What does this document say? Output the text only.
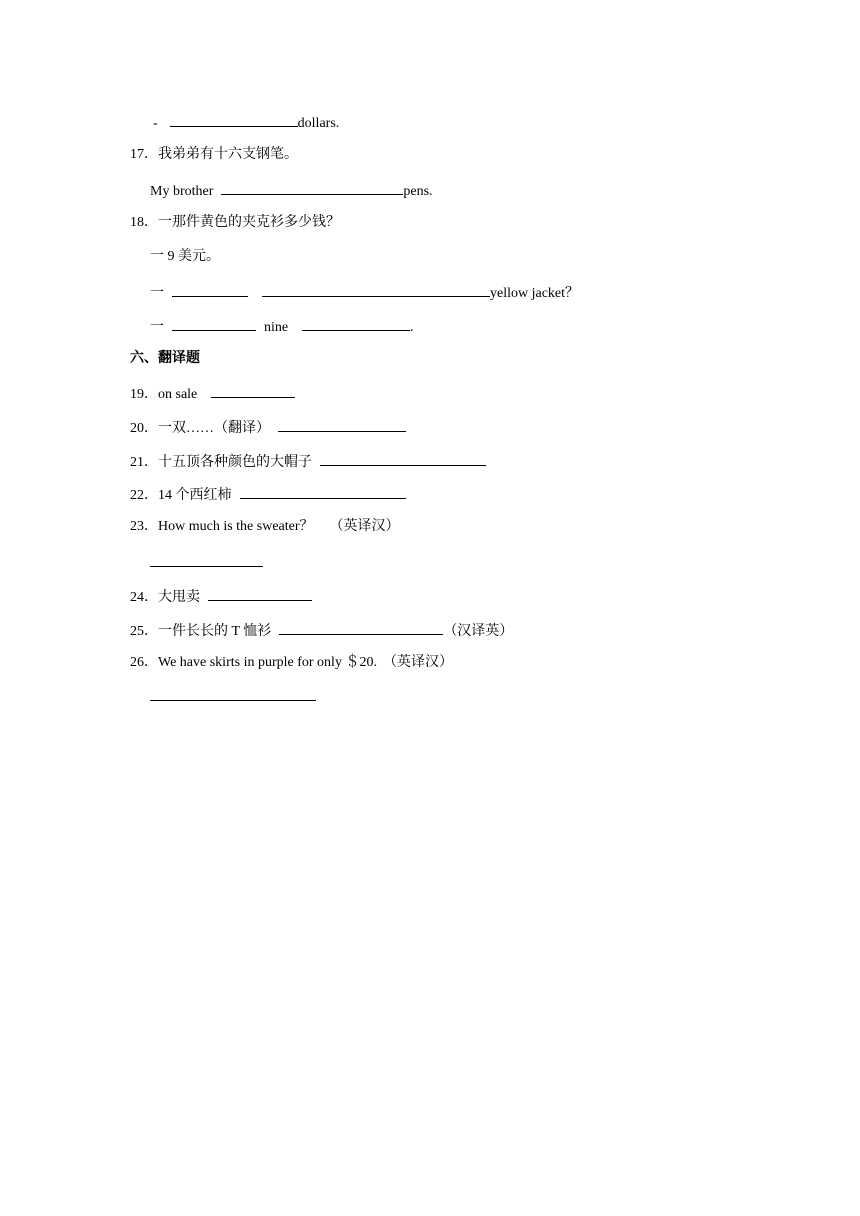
-	dollars.
17．我弟弟有十六支钢笔。
My brother	pens.
18．一那件黄色的夹克衫多少钱？
一 9 美元。
一	yellow jacket？
一	nine	.
六、翻译题
19．on sale
20．一双……（翻译）
21．十五顶各种颜色的大帽子
22．14 个西红柿
23．How much is the sweater？ （英译汉）
24．大甩卖
25．一件长长的 T 恤衫	（汉译英）
26．We have skirts in purple for only ＄20. （英译汉）
